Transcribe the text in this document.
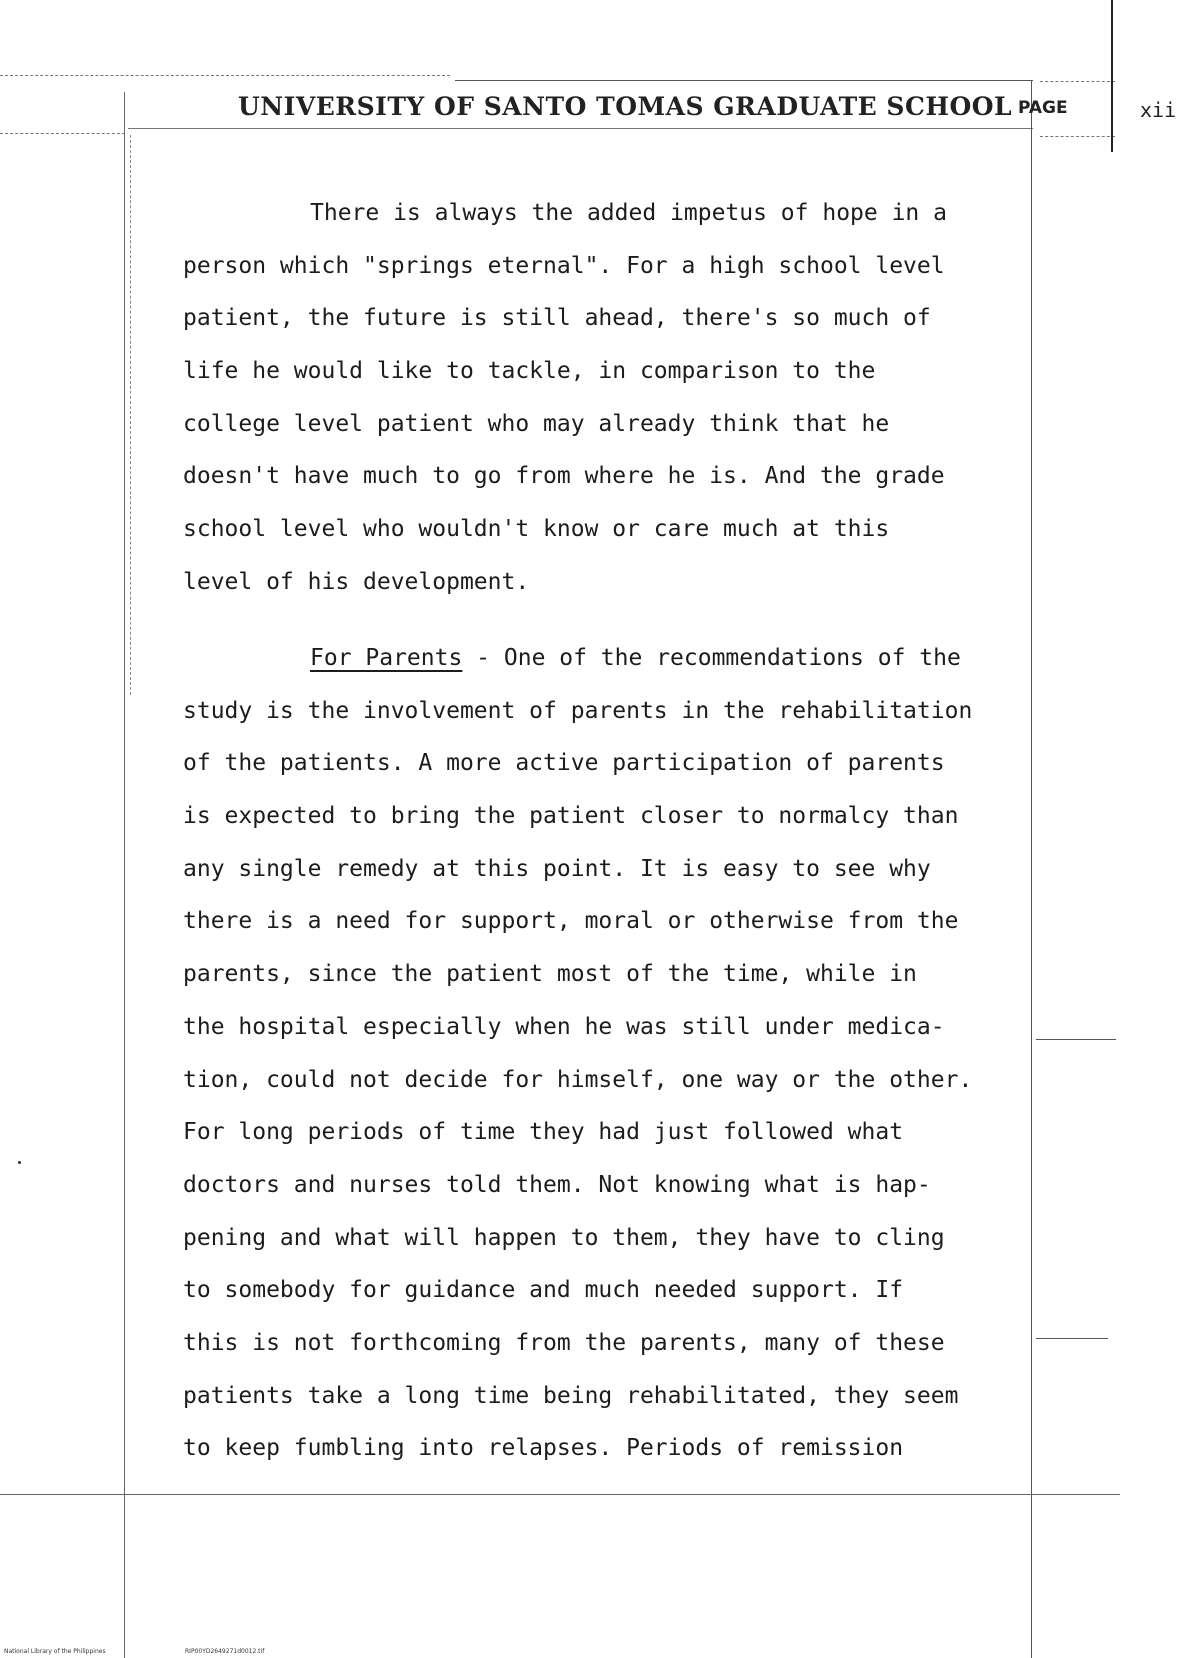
UNIVERSITY OF SANTO TOMAS GRADUATE SCHOOL PAGE	xii
There is always the added impetus of hope in a
person which "springs eternal". For a high school level
patient, the future is still ahead, there's so much of
life he would like to tackle, in comparison to the
college level patient who may already think that he
doesn't have much to go from where he is. And the grade
school level who wouldn't know or care much at this
level of his development.
For Parents - One of the recommendations of the
study is the involvement of parents in the rehabilitation
of the patients. A more active participation of parents
is expected to bring the patient closer to normalcy than
any single remedy at this point. It is easy to see why
there is a need for support, moral or otherwise from the
parents, since the patient most of the time, while in
the hospital especially when he was still under medica-
tion, could not decide for himself, one way or the other.
For long periods of time they had just followed what
doctors and nurses told them. Not knowing what is hap-
pening and what will happen to them, they have to cling
to somebody for guidance and much needed support. If
this is not forthcoming from the parents, many of these
patients take a long time being rehabilitated, they seem
to keep fumbling into relapses. Periods of remission
National Library of the Philippines	RIP00YD2649271d0012.tif
